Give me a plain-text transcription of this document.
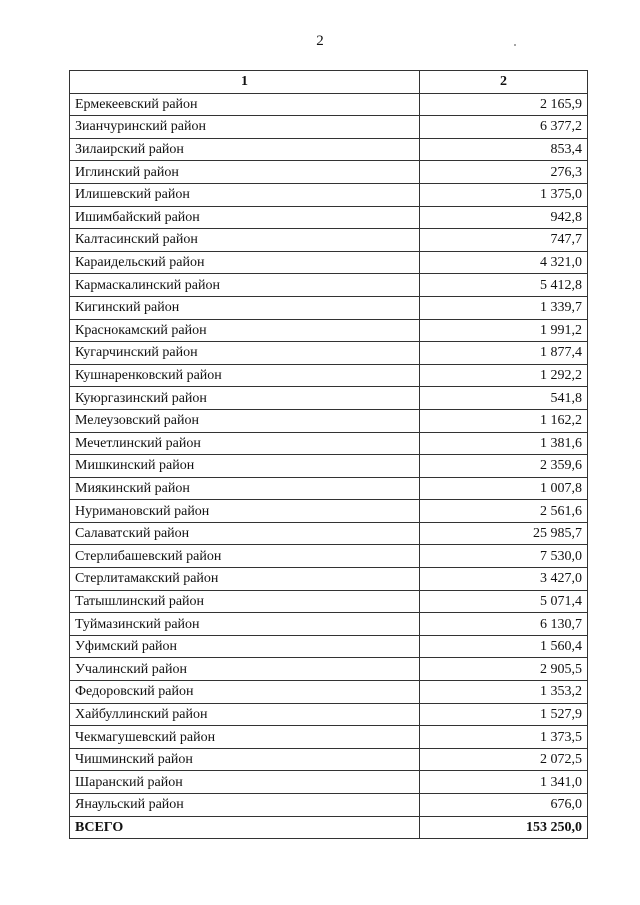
2
1	2
Ермекеевский район	2 165,9
Зианчуринский район	6 377,2
Зилаирский район	853,4
Иглинский район	276,3
Илишевский район	1 375,0
Ишимбайский район	942,8
Калтасинский район	747,7
Караидельский район	4 321,0
Кармаскалинский район	5 412,8
Кигинский район	1 339,7
Краснокамский район	1 991,2
Кугарчинский район	1 877,4
Кушнаренковский район	1 292,2
Куюргазинский район	541,8
Мелеузовский район	1 162,2
Мечетлинский район	1 381,6
Мишкинский район	2 359,6
Миякинский район	1 007,8
Нуримановский район	2 561,6
Салаватский район	25 985,7
Стерлибашевский район	7 530,0
Стерлитамакский район	3 427,0
Татышлинский район	5 071,4
Туймазинский район	6 130,7
Уфимский район	1 560,4
Учалинский район	2 905,5
Федоровский район	1 353,2
Хайбуллинский район	1 527,9
Чекмагушевский район	1 373,5
Чишминский район	2 072,5
Шаранский район	1 341,0
Янаульский район	676,0
ВСЕГО	153 250,0
